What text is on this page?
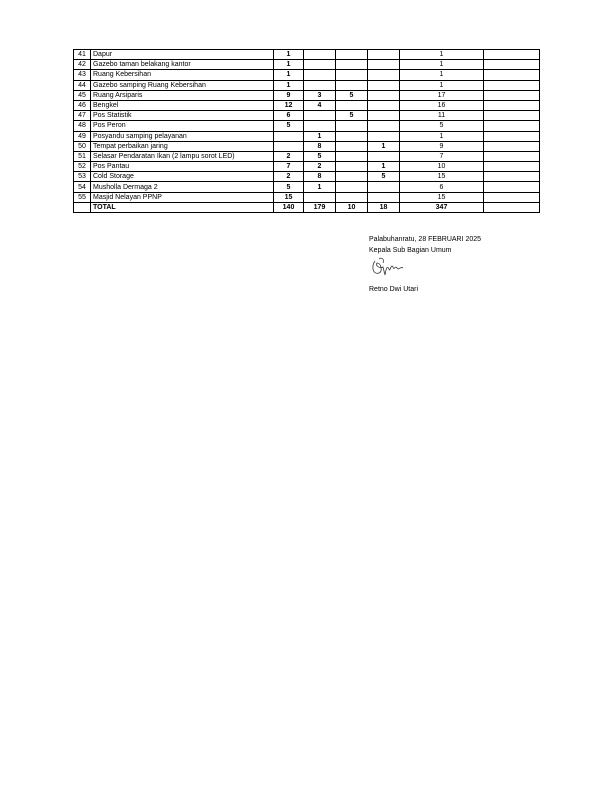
41	Dapur	1				1	
42	Gazebo taman belakang kantor	1				1	
43	Ruang Kebersihan	1				1	
44	Gazebo samping Ruang Kebersihan	1				1	
45	Ruang Arsiparis	9	3	5		17	
46	Bengkel	12	4			16	
47	Pos Statistik	6		5		11	
48	Pos Peron	5				5	
49	Posyandu samping pelayanan		1			1	
50	Tempat perbaikan jaring		8		1	9	
51	Selasar Pendaratan Ikan (2 lampu sorot LED)	2	5			7	
52	Pos Pantau	7	2		1	10	
53	Cold Storage	2	8		5	15	
54	Musholla Dermaga 2	5	1			6	
55	Masjid Nelayan PPNP	15				15	
	TOTAL	140	179	10	18	347	
Palabuhanratu, 28 FEBRUARI 2025
Kepala Sub Bagian Umum
Retno Dwi Utari
